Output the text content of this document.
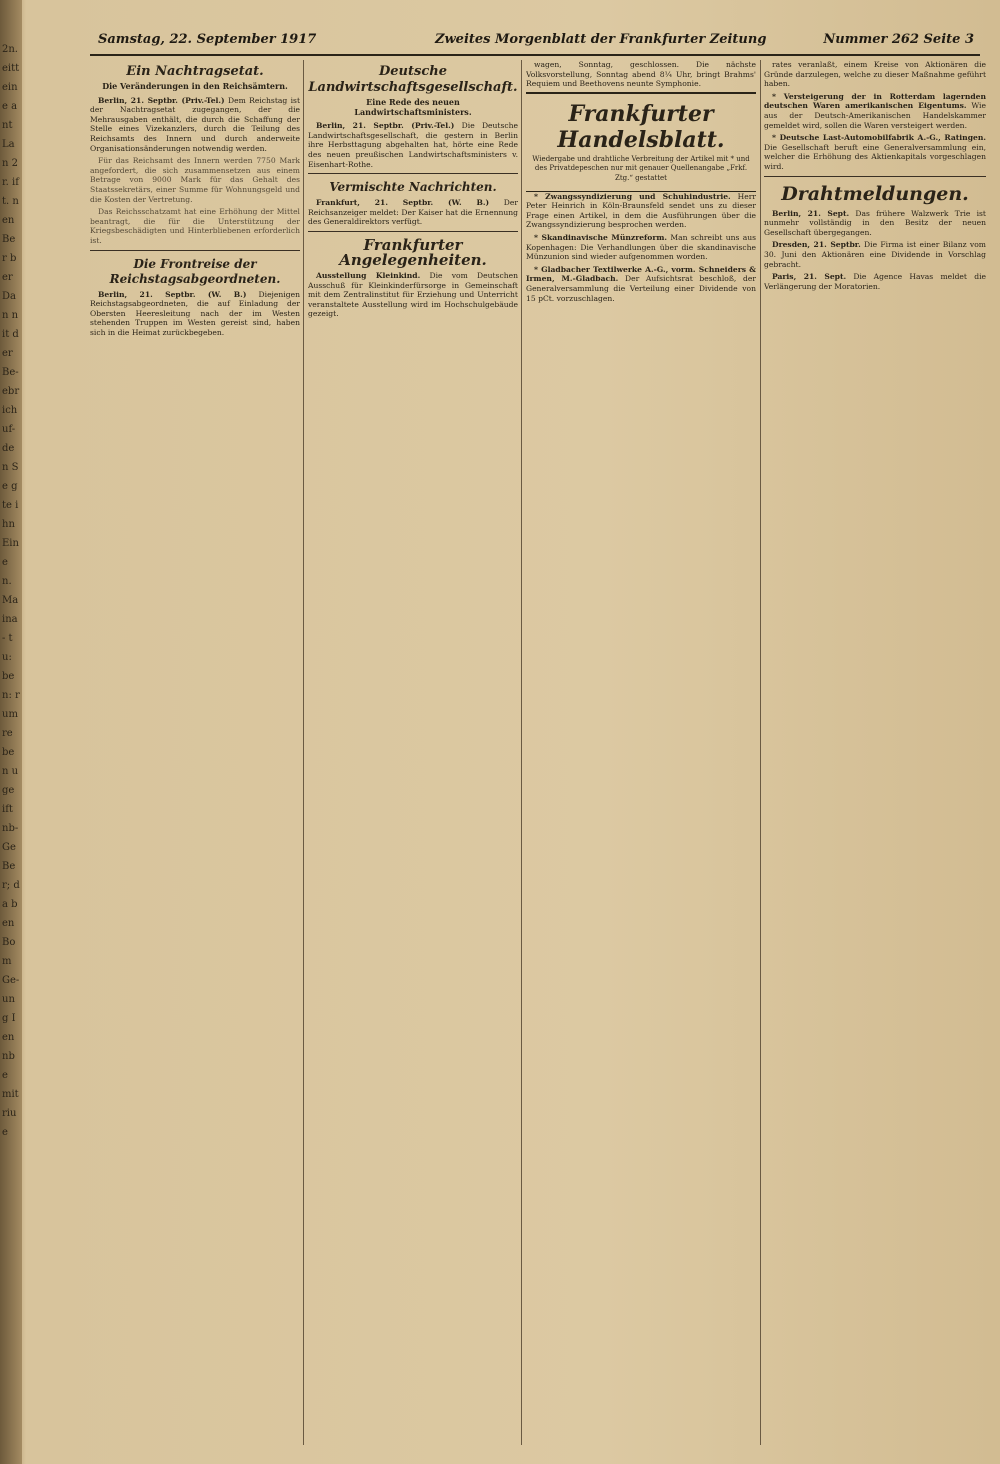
2n. eitt eine ant Lan 2r. ift. nen Ber ber Dan nit der Be- ebr ich uf- den Se gte ihn Eine n. Ma ina- tu: ben: rum re ben uge ift nb- Ge Ber; da ben Bom Ge- ung Ien nbe mit riu e
Samstag, 22. September 1917	Zweites Morgenblatt der Frankfurter Zeitung	Nummer 262 Seite 3
Ein Nachtragsetat.
Die Veränderungen in den Reichsämtern.

Berlin, 21. Septbr. (Priv.-Tel.) Dem Reichstag ist der Nachtragsetat zugegangen, der die Mehrausgaben enthält, die durch die Schaffung der Stelle eines Vizekanzlers, durch die Teilung des Reichsamts des Innern und durch anderweite Organisationsänderungen notwendig werden.

Für das Reichsamt des Innern werden 7750 Mark angefordert, die sich zusammensetzen aus einem Betrage von 9000 Mark für das Gehalt des Staatssekretärs, einer Summe für Wohnungsgeld und die Kosten der Vertretung.

Das Reichsschatzamt hat eine Erhöhung der Mittel beantragt, die für die Unterstützung der Kriegsbeschädigten und Hinterbliebenen erforderlich ist.

Die Frontreise der Reichstagsabgeordneten.

Berlin, 21. Septbr. (W. B.) Diejenigen Reichstagsabgeordneten, die auf Einladung der Obersten Heeresleitung nach der im Westen stehenden Truppen im Westen gereist sind, haben sich in die Heimat zurückbegeben.

Deutsche Landwirtschaftsgesellschaft.
Eine Rede des neuen Landwirtschaftsministers.

Berlin, 21. Septbr. (Priv.-Tel.) Die Deutsche Landwirtschaftsgesellschaft, die gestern in Berlin ihre Herbsttagung abgehalten hat, hörte eine Rede des neuen preußischen Landwirtschaftsministers v. Eisenhart-Rothe.

Vermischte Nachrichten.

Frankfurt, 21. Septbr. (W. B.) Der Reichsanzeiger meldet: Der Kaiser hat die Ernennung des Generaldirektors verfügt.

Frankfurter Angelegenheiten.

Ausstellung Kleinkind. Die vom Deutschen Ausschuß für Kleinkinderfürsorge in Gemeinschaft mit dem Zentralinstitut für Erziehung und Unterricht veranstaltete Ausstellung wird im Hochschulgebäude gezeigt.

wagen, Sonntag, geschlossen. Die nächste Volksvorstellung, Sonntag abend 8¼ Uhr, bringt Brahms' Requiem und Beethovens neunte Symphonie.

Frankfurter Handelsblatt.
Wiedergabe und drahtliche Verbreitung der Artikel mit * und des Privatdepeschen nur mit genauer Quellenangabe „Frkf. Ztg.“ gestattet

* Zwangssyndizierung und Schuhindustrie. Herr Peter Heinrich in Köln-Braunsfeld sendet uns zu dieser Frage einen Artikel, in dem die Ausführungen über die Zwangssyndizierung besprochen werden.

* Skandinavische Münzreform. Man schreibt uns aus Kopenhagen: Die Verhandlungen über die skandinavische Münzunion sind wieder aufgenommen worden.

* Gladbacher Textilwerke A.-G., vorm. Schneiders & Irmen, M.-Gladbach. Der Aufsichtsrat beschloß, der Generalversammlung die Verteilung einer Dividende von 15 pCt. vorzuschlagen.

rates veranlaßt, einem Kreise von Aktionären die Gründe darzulegen, welche zu dieser Maßnahme geführt haben.

* Versteigerung der in Rotterdam lagernden deutschen Waren amerikanischen Eigentums. Wie aus der Deutsch-Amerikanischen Handelskammer gemeldet wird, sollen die Waren versteigert werden.

* Deutsche Last-Automobilfabrik A.-G., Ratingen. Die Gesellschaft beruft eine Generalversammlung ein, welcher die Erhöhung des Aktienkapitals vorgeschlagen wird.

Drahtmeldungen.

Berlin, 21. Sept. Das frühere Walzwerk Trie ist nunmehr vollständig in den Besitz der neuen Gesellschaft übergegangen.

Dresden, 21. Septbr. Die Firma ist einer Bilanz vom 30. Juni den Aktionären eine Dividende in Vorschlag gebracht.

Paris, 21. Sept. Die Agence Havas meldet die Verlängerung der Moratorien.
